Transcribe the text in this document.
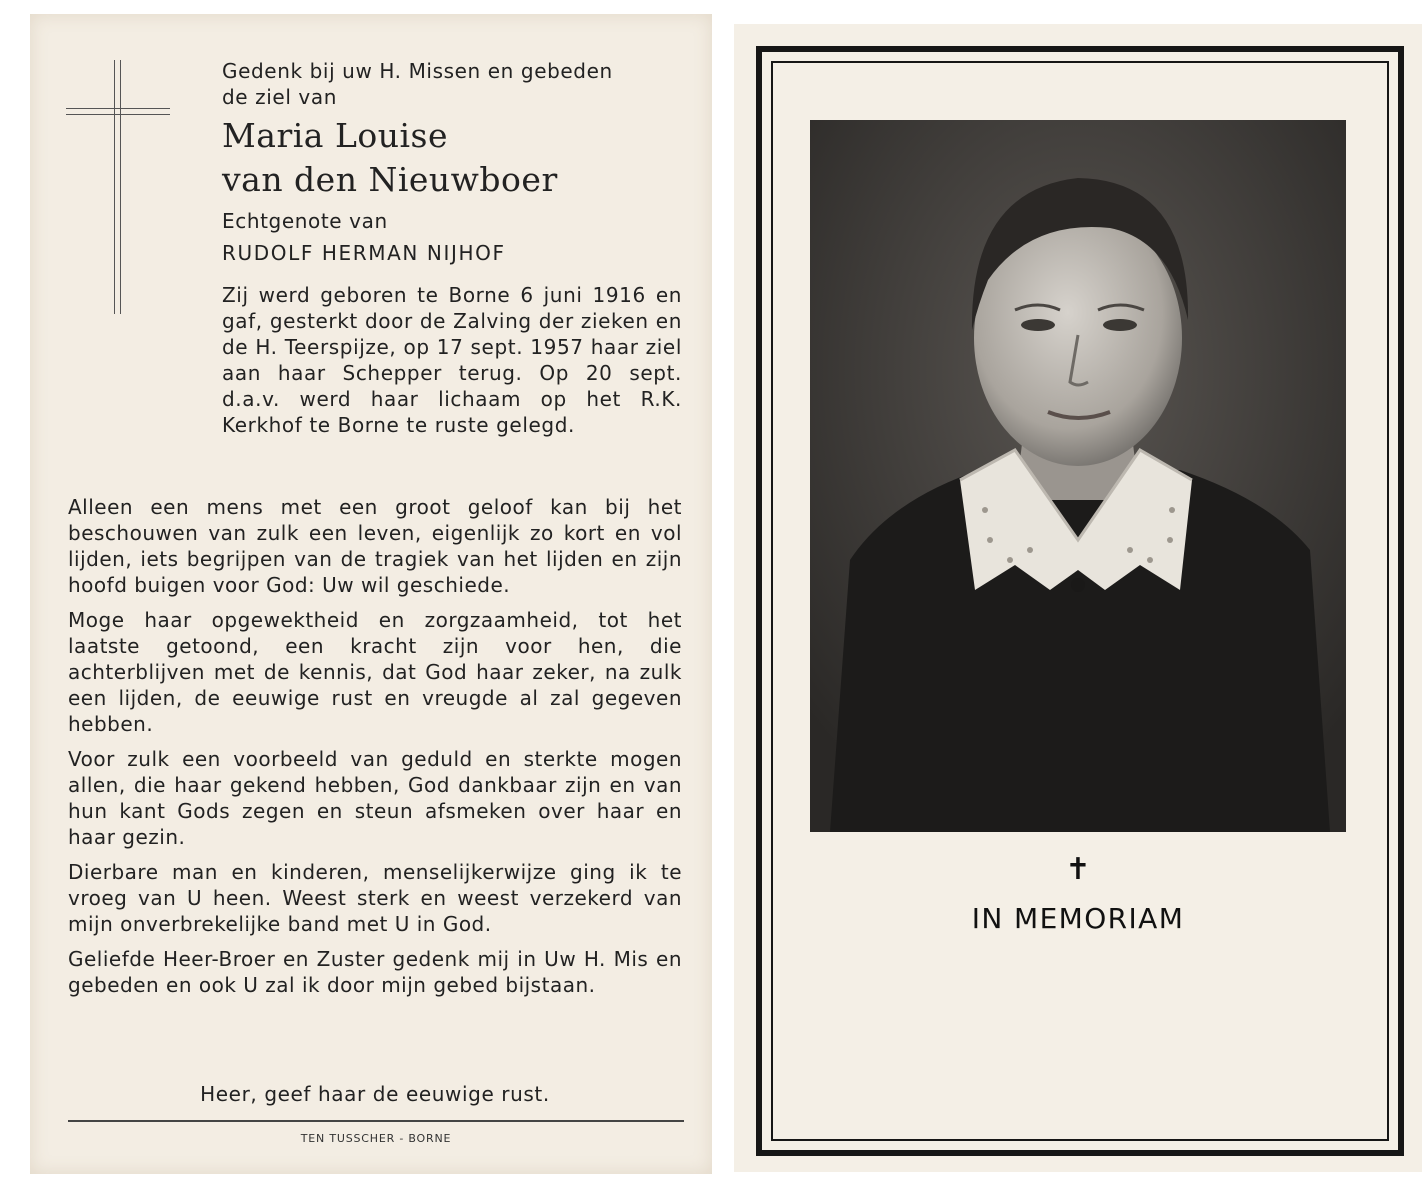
Gedenk bij uw H. Missen en gebeden
de ziel van
Maria Louise
van den Nieuwboer
Echtgenote van
RUDOLF HERMAN NIJHOF
Zij werd geboren te Borne 6 juni 1916 en gaf, gesterkt door de Zalving der zieken en de H. Teerspijze, op 17 sept. 1957 haar ziel aan haar Schepper terug. Op 20 sept. d.a.v. werd haar lichaam op het R.K. Kerkhof te Borne te ruste gelegd.

Alleen een mens met een groot geloof kan bij het beschouwen van zulk een leven, eigenlijk zo kort en vol lijden, iets begrijpen van de tragiek van het lijden en zijn hoofd buigen voor God: Uw wil geschiede.

Moge haar opgewektheid en zorgzaamheid, tot het laatste getoond, een kracht zijn voor hen, die achterblijven met de kennis, dat God haar zeker, na zulk een lijden, de eeuwige rust en vreugde al zal gegeven hebben.

Voor zulk een voorbeeld van geduld en sterkte mogen allen, die haar gekend hebben, God dankbaar zijn en van hun kant Gods zegen en steun afsmeken over haar en haar gezin.

Dierbare man en kinderen, menselijkerwijze ging ik te vroeg van U heen. Weest sterk en weest verzekerd van mijn onverbrekelijke band met U in God.

Geliefde Heer-Broer en Zuster gedenk mij in Uw H. Mis en gebeden en ook U zal ik door mijn gebed bijstaan.

Heer, geef haar de eeuwige rust.
TEN TUSSCHER - BORNE
✝
IN MEMORIAM
